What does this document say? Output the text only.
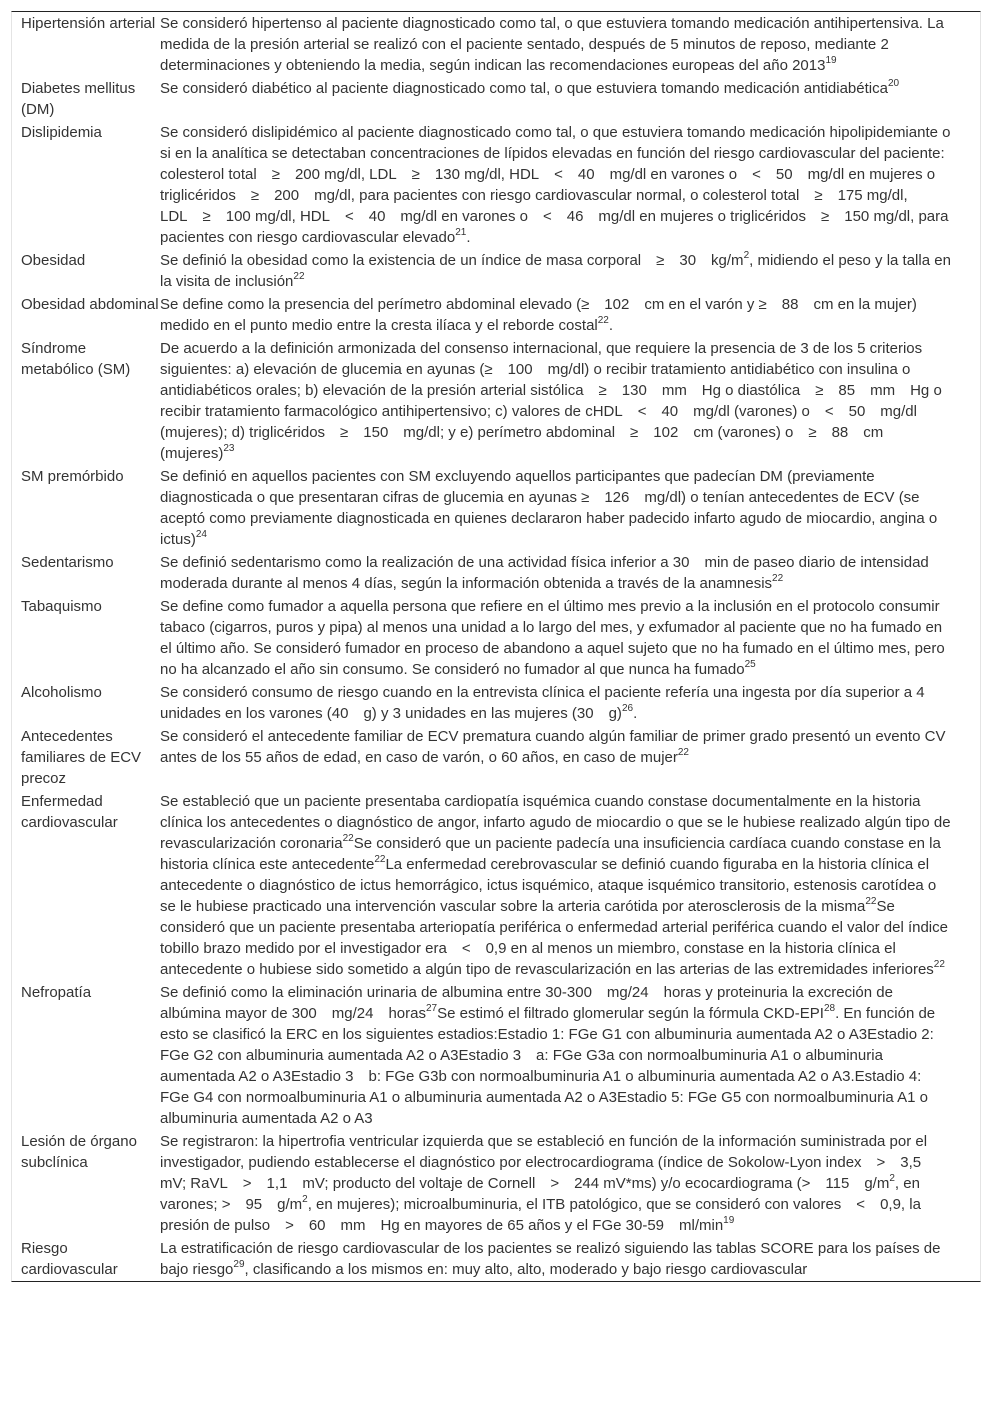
Hipertensión arterial	Se consideró hipertenso al paciente diagnosticado como tal, o que estuviera tomando medicación antihipertensiva. La medida de la presión arterial se realizó con el paciente sentado, después de 5 minutos de reposo, mediante 2 determinaciones y obteniendo la media, según indican las recomendaciones europeas del año 2013$^{19}$
Diabetes mellitus (DM)	Se consideró diabético al paciente diagnosticado como tal, o que estuviera tomando medicación antidiabética$^{20}$
Dislipidemia	Se consideró dislipidémico al paciente diagnosticado como tal, o que estuviera tomando medicación hipolipidemiante o si en la analítica se detectaban concentraciones de lípidos elevadas en función del riesgo cardiovascular del paciente: colesterol total ≥ 200 mg/dl, LDL ≥ 130 mg/dl, HDL < 40 mg/dl en varones o < 50 mg/dl en mujeres o triglicéridos ≥ 200 mg/dl, para pacientes con riesgo cardiovascular normal, o colesterol total ≥ 175 mg/dl, LDL ≥ 100 mg/dl, HDL < 40 mg/dl en varones o < 46 mg/dl en mujeres o triglicéridos ≥ 150 mg/dl, para pacientes con riesgo cardiovascular elevado$^{21}$.
Obesidad	Se definió la obesidad como la existencia de un índice de masa corporal ≥ 30 $kg/m^2$, midiendo el peso y la talla en la visita de inclusión$^{22}$
Obesidad abdominal	Se define como la presencia del perímetro abdominal elevado (≥ 102 cm en el varón y ≥ 88 cm en la mujer) medido en el punto medio entre la cresta ilíaca y el reborde costal$^{22}$.
Síndrome metabólico (SM)	De acuerdo a la definición armonizada del consenso internacional, que requiere la presencia de 3 de los 5 criterios siguientes: a) elevación de glucemia en ayunas (≥ 100 mg/dl) o recibir tratamiento antidiabético con insulina o antidiabéticos orales; b) elevación de la presión arterial sistólica ≥ 130 mm Hg o diastólica ≥ 85 mm Hg o recibir tratamiento farmacológico antihipertensivo; c) valores de cHDL < 40 mg/dl (varones) o < 50 mg/dl (mujeres); d) triglicéridos ≥ 150 mg/dl; y e) perímetro abdominal ≥ 102 cm (varones) o ≥ 88 cm (mujeres)$^{23}$
SM premórbido	Se definió en aquellos pacientes con SM excluyendo aquellos participantes que padecían DM (previamente diagnosticada o que presentaran cifras de glucemia en ayunas ≥ 126 mg/dl) o tenían antecedentes de ECV (se aceptó como previamente diagnosticada en quienes declararon haber padecido infarto agudo de miocardio, angina o ictus)$^{24}$
Sedentarismo	Se definió sedentarismo como la realización de una actividad física inferior a 30 min de paseo diario de intensidad moderada durante al menos 4 días, según la información obtenida a través de la anamnesis$^{22}$
Tabaquismo	Se define como fumador a aquella persona que refiere en el último mes previo a la inclusión en el protocolo consumir tabaco (cigarros, puros y pipa) al menos una unidad a lo largo del mes, y exfumador al paciente que no ha fumado en el último año. Se consideró fumador en proceso de abandono a aquel sujeto que no ha fumado en el último mes, pero no ha alcanzado el año sin consumo. Se consideró no fumador al que nunca ha fumado$^{25}$
Alcoholismo	Se consideró consumo de riesgo cuando en la entrevista clínica el paciente refería una ingesta por día superior a 4 unidades en los varones (40 g) y 3 unidades en las mujeres (30 g)$^{26}$.
Antecedentes familiares de ECV precoz	Se consideró el antecedente familiar de ECV prematura cuando algún familiar de primer grado presentó un evento CV antes de los 55 años de edad, en caso de varón, o 60 años, en caso de mujer$^{22}$
Enfermedad cardiovascular	Se estableció que un paciente presentaba cardiopatía isquémica cuando constase documentalmente en la historia clínica los antecedentes o diagnóstico de angor, infarto agudo de miocardio o que se le hubiese realizado algún tipo de revascularización coronaria$^{22}$Se consideró que un paciente padecía una insuficiencia cardíaca cuando constase en la historia clínica este antecedente$^{22}$La enfermedad cerebrovascular se definió cuando figuraba en la historia clínica el antecedente o diagnóstico de ictus hemorrágico, ictus isquémico, ataque isquémico transitorio, estenosis carotídea o se le hubiese practicado una intervención vascular sobre la arteria carótida por aterosclerosis de la misma$^{22}$Se consideró que un paciente presentaba arteriopatía periférica o enfermedad arterial periférica cuando el valor del índice tobillo brazo medido por el investigador era < 0,9 en al menos un miembro, constase en la historia clínica el antecedente o hubiese sido sometido a algún tipo de revascularización en las arterias de las extremidades inferiores$^{22}$
Nefropatía	Se definió como la eliminación urinaria de albumina entre 30-300 mg/24 horas y proteinuria la excreción de albúmina mayor de 300 mg/24 horas$^{27}$Se estimó el filtrado glomerular según la fórmula CKD-EPI$^{28}$. En función de esto se clasificó la ERC en los siguientes estadios:Estadio 1: FGe G1 con albuminuria aumentada A2 o A3Estadio 2: FGe G2 con albuminuria aumentada A2 o A3Estadio 3 a: FGe G3a con normoalbuminuria A1 o albuminuria aumentada A2 o A3Estadio 3 b: FGe G3b con normoalbuminuria A1 o albuminuria aumentada A2 o A3.Estadio 4: FGe G4 con normoalbuminuria A1 o albuminuria aumentada A2 o A3Estadio 5: FGe G5 con normoalbuminuria A1 o albuminuria aumentada A2 o A3
Lesión de órgano subclínica	Se registraron: la hipertrofia ventricular izquierda que se estableció en función de la información suministrada por el investigador, pudiendo establecerse el diagnóstico por electrocardiograma (índice de Sokolow-Lyon index > 3,5 mV; RaVL > 1,1 mV; producto del voltaje de Cornell > 244 mV*ms) y/o ecocardiograma (> 115 $g/m^2$, en varones; > 95 $g/m^2$, en mujeres); microalbuminuria, el ITB patológico, que se consideró con valores < 0,9, la presión de pulso > 60 mm Hg en mayores de 65 años y el FGe 30-59 $ml/\min^{19}$
Riesgo cardiovascular	La estratificación de riesgo cardiovascular de los pacientes se realizó siguiendo las tablas SCORE para los países de bajo riesgo$^{29}$, clasificando a los mismos en: muy alto, alto, moderado y bajo riesgo cardiovascular
